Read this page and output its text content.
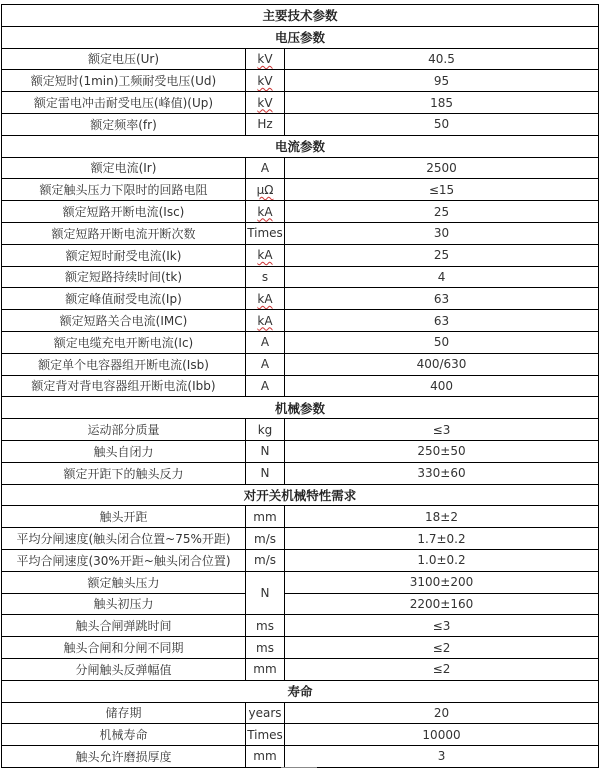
主要技术参数		
电压参数		
额定电压(Ur)	kV	40.5
额定短时(1min)工频耐受电压(Ud)	kV	95
额定雷电冲击耐受电压(峰值)(Up)	kV	185
额定频率(fr)	Hz	50
电流参数		
额定电流(Ir)	A	2500
额定触头压力下限时的回路电阻	μΩ	≤15
额定短路开断电流(Isc)	kA	25
额定短路开断电流开断次数	Times	30
额定短时耐受电流(Ik)	kA	25
额定短路持续时间(tk)	s	4
额定峰值耐受电流(Ip)	kA	63
额定短路关合电流(IMC)	kA	63
额定电缆充电开断电流(Ic)	A	50
额定单个电容器组开断电流(Isb)	A	400/630
额定背对背电容器组开断电流(Ibb)	A	400
机械参数		
运动部分质量	kg	≤3
触头自闭力	N	250±50
额定开距下的触头反力	N	330±60
对开关机械特性需求		
触头开距	mm	18±2
平均分闸速度(触头闭合位置~75%开距)	m/s	1.7±0.2
平均合闸速度(30%开距~触头闭合位置)	m/s	1.0±0.2
额定触头压力	N	3100±200
触头初压力		2200±160
触头合闸弹跳时间	ms	≤3
触头合闸和分闸不同期	ms	≤2
分闸触头反弹幅值	mm	≤2
寿命		
储存期	years	20
机械寿命	Times	10000
触头允许磨损厚度	mm	3
